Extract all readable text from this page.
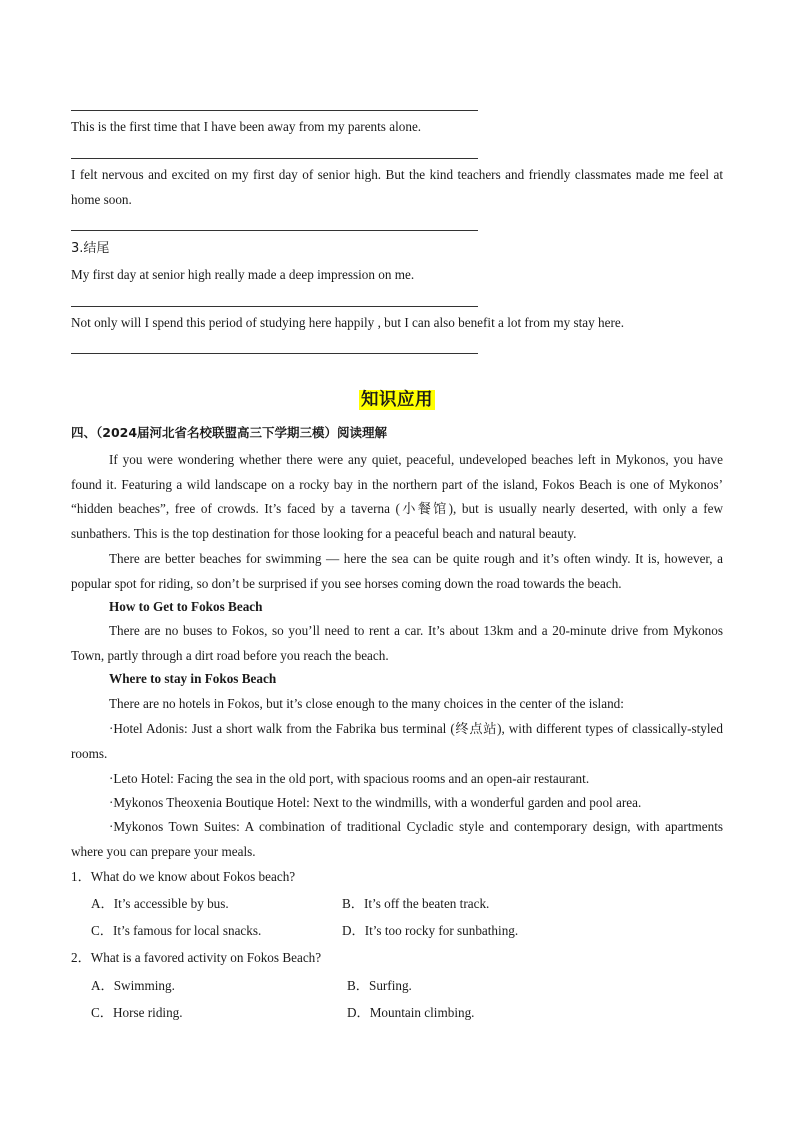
This is the first time that I have been away from my parents alone.
I felt nervous and excited on my first day of senior high. But the kind teachers and friendly classmates made me feel at home soon.
3.结尾
My first day at senior high really made a deep impression on me.
Not only will I spend this period of studying here happily , but I can also benefit a lot from my stay here.
知识应用
四、（2024届河北省名校联盟高三下学期三模）阅读理解
If you were wondering whether there were any quiet, peaceful, undeveloped beaches left in Mykonos, you have found it. Featuring a wild landscape on a rocky bay in the northern part of the island, Fokos Beach is one of Mykonos’ “hidden beaches”, free of crowds. It’s faced by a taverna (小餐馆), but is usually nearly deserted, with only a few sunbathers. This is the top destination for those looking for a peaceful beach and natural beauty.
There are better beaches for swimming — here the sea can be quite rough and it’s often windy. It is, however, a popular spot for riding, so don’t be surprised if you see horses coming down the road towards the beach.
How to Get to Fokos Beach
There are no buses to Fokos, so you’ll need to rent a car. It’s about 13km and a 20-minute drive from Mykonos Town, partly through a dirt road before you reach the beach.
Where to stay in Fokos Beach
There are no hotels in Fokos, but it’s close enough to the many choices in the center of the island:
·Hotel Adonis: Just a short walk from the Fabrika bus terminal (终点站), with different types of classically-styled rooms.
·Leto Hotel: Facing the sea in the old port, with spacious rooms and an open-air restaurant.
·Mykonos Theoxenia Boutique Hotel: Next to the windmills, with a wonderful garden and pool area.
·Mykonos Town Suites: A combination of traditional Cycladic style and contemporary design, with apartments where you can prepare your meals.
1．What do we know about Fokos beach?
A．It’s accessible by bus.	B．It’s off the beaten track.
C．It’s famous for local snacks.	D．It’s too rocky for sunbathing.
2．What is a favored activity on Fokos Beach?
A．Swimming.	B．Surfing.
C．Horse riding.	D．Mountain climbing.
